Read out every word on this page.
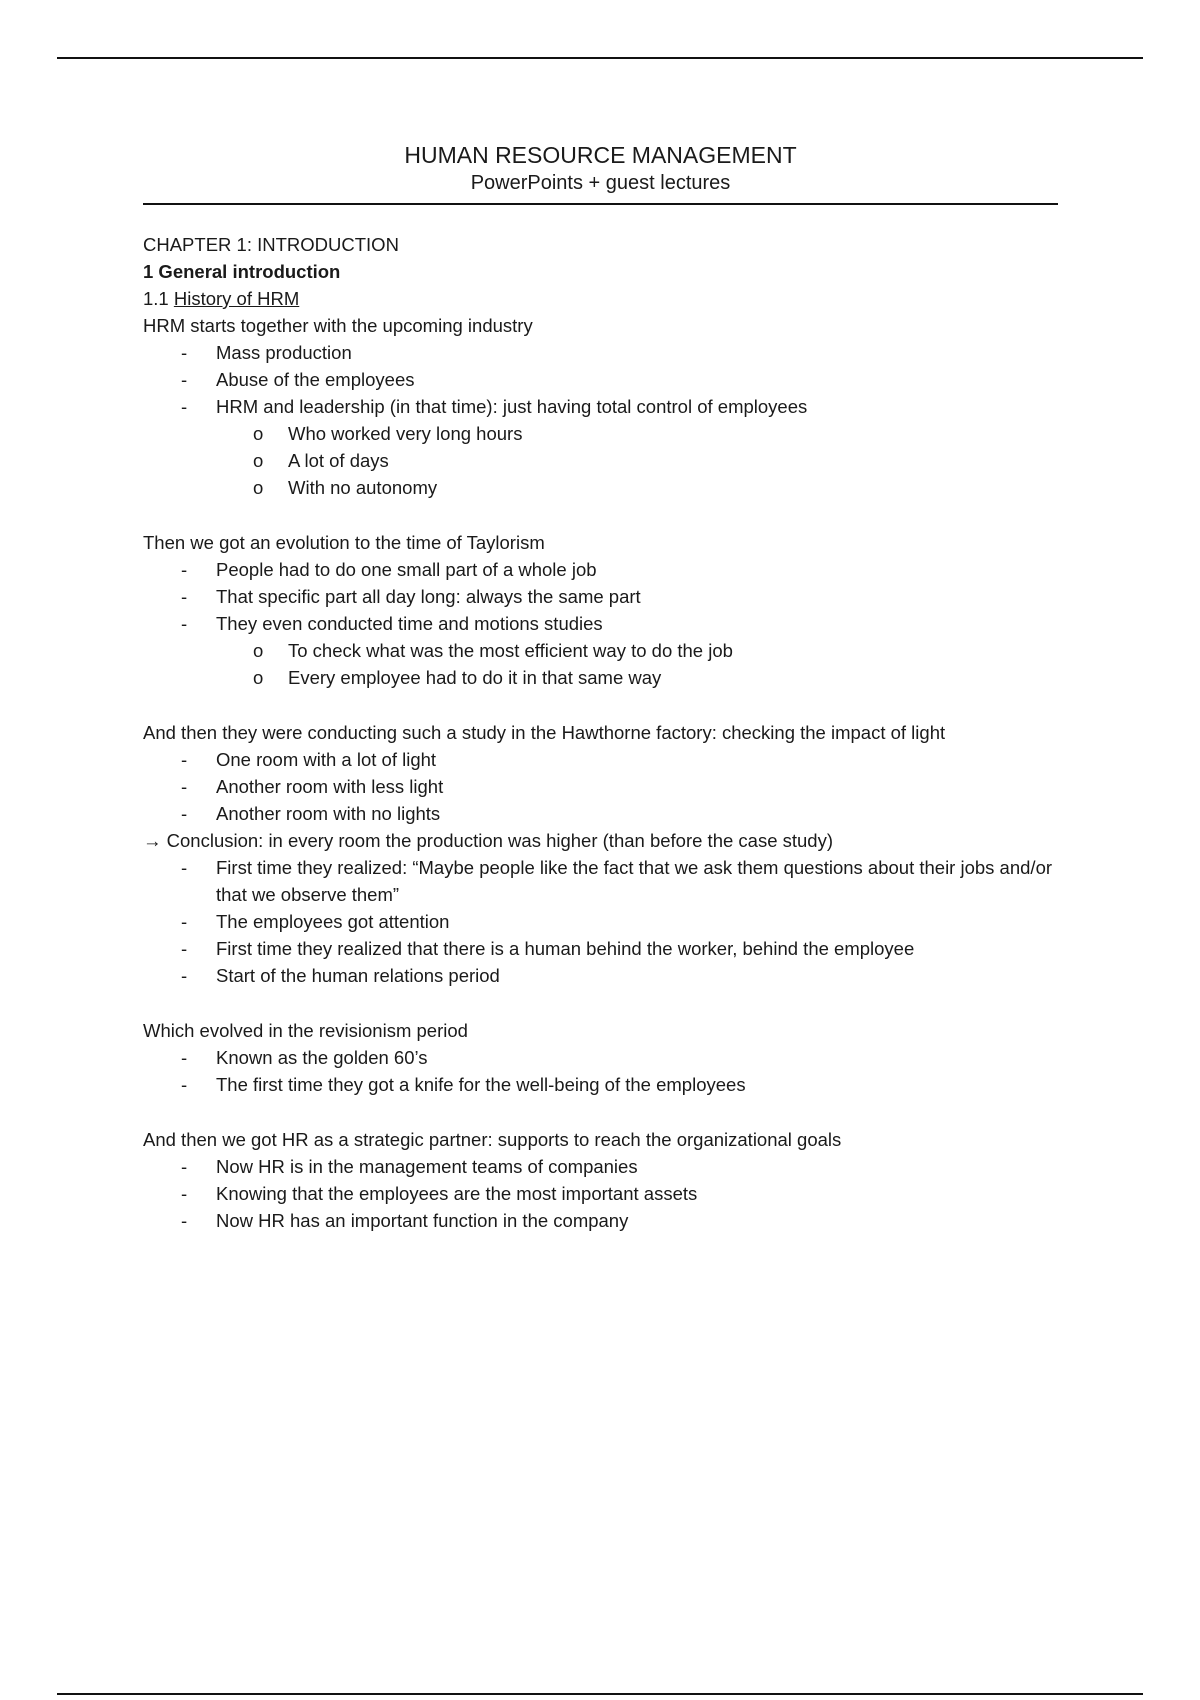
HUMAN RESOURCE MANAGEMENT

PowerPoints + guest lectures

CHAPTER 1: INTRODUCTION

1 General introduction

1.1 History of HRM

HRM starts together with the upcoming industry

- Mass production
- Abuse of the employees
- HRM and leadership (in that time): just having total control of employees
o Who worked very long hours
o A lot of days
o With no autonomy

Then we got an evolution to the time of Taylorism

- People had to do one small part of a whole job
- That specific part all day long: always the same part
- They even conducted time and motions studies
o To check what was the most efficient way to do the job
o Every employee had to do it in that same way

And then they were conducting such a study in the Hawthorne factory: checking the impact of light

- One room with a lot of light
- Another room with less light
- Another room with no lights

→ Conclusion: in every room the production was higher (than before the case study)

- First time they realized: “Maybe people like the fact that we ask them questions about their jobs and/or that we observe them”
- The employees got attention
- First time they realized that there is a human behind the worker, behind the employee
- Start of the human relations period

Which evolved in the revisionism period

- Known as the golden 60’s
- The first time they got a knife for the well-being of the employees

And then we got HR as a strategic partner: supports to reach the organizational goals

- Now HR is in the management teams of companies
- Knowing that the employees are the most important assets
- Now HR has an important function in the company
